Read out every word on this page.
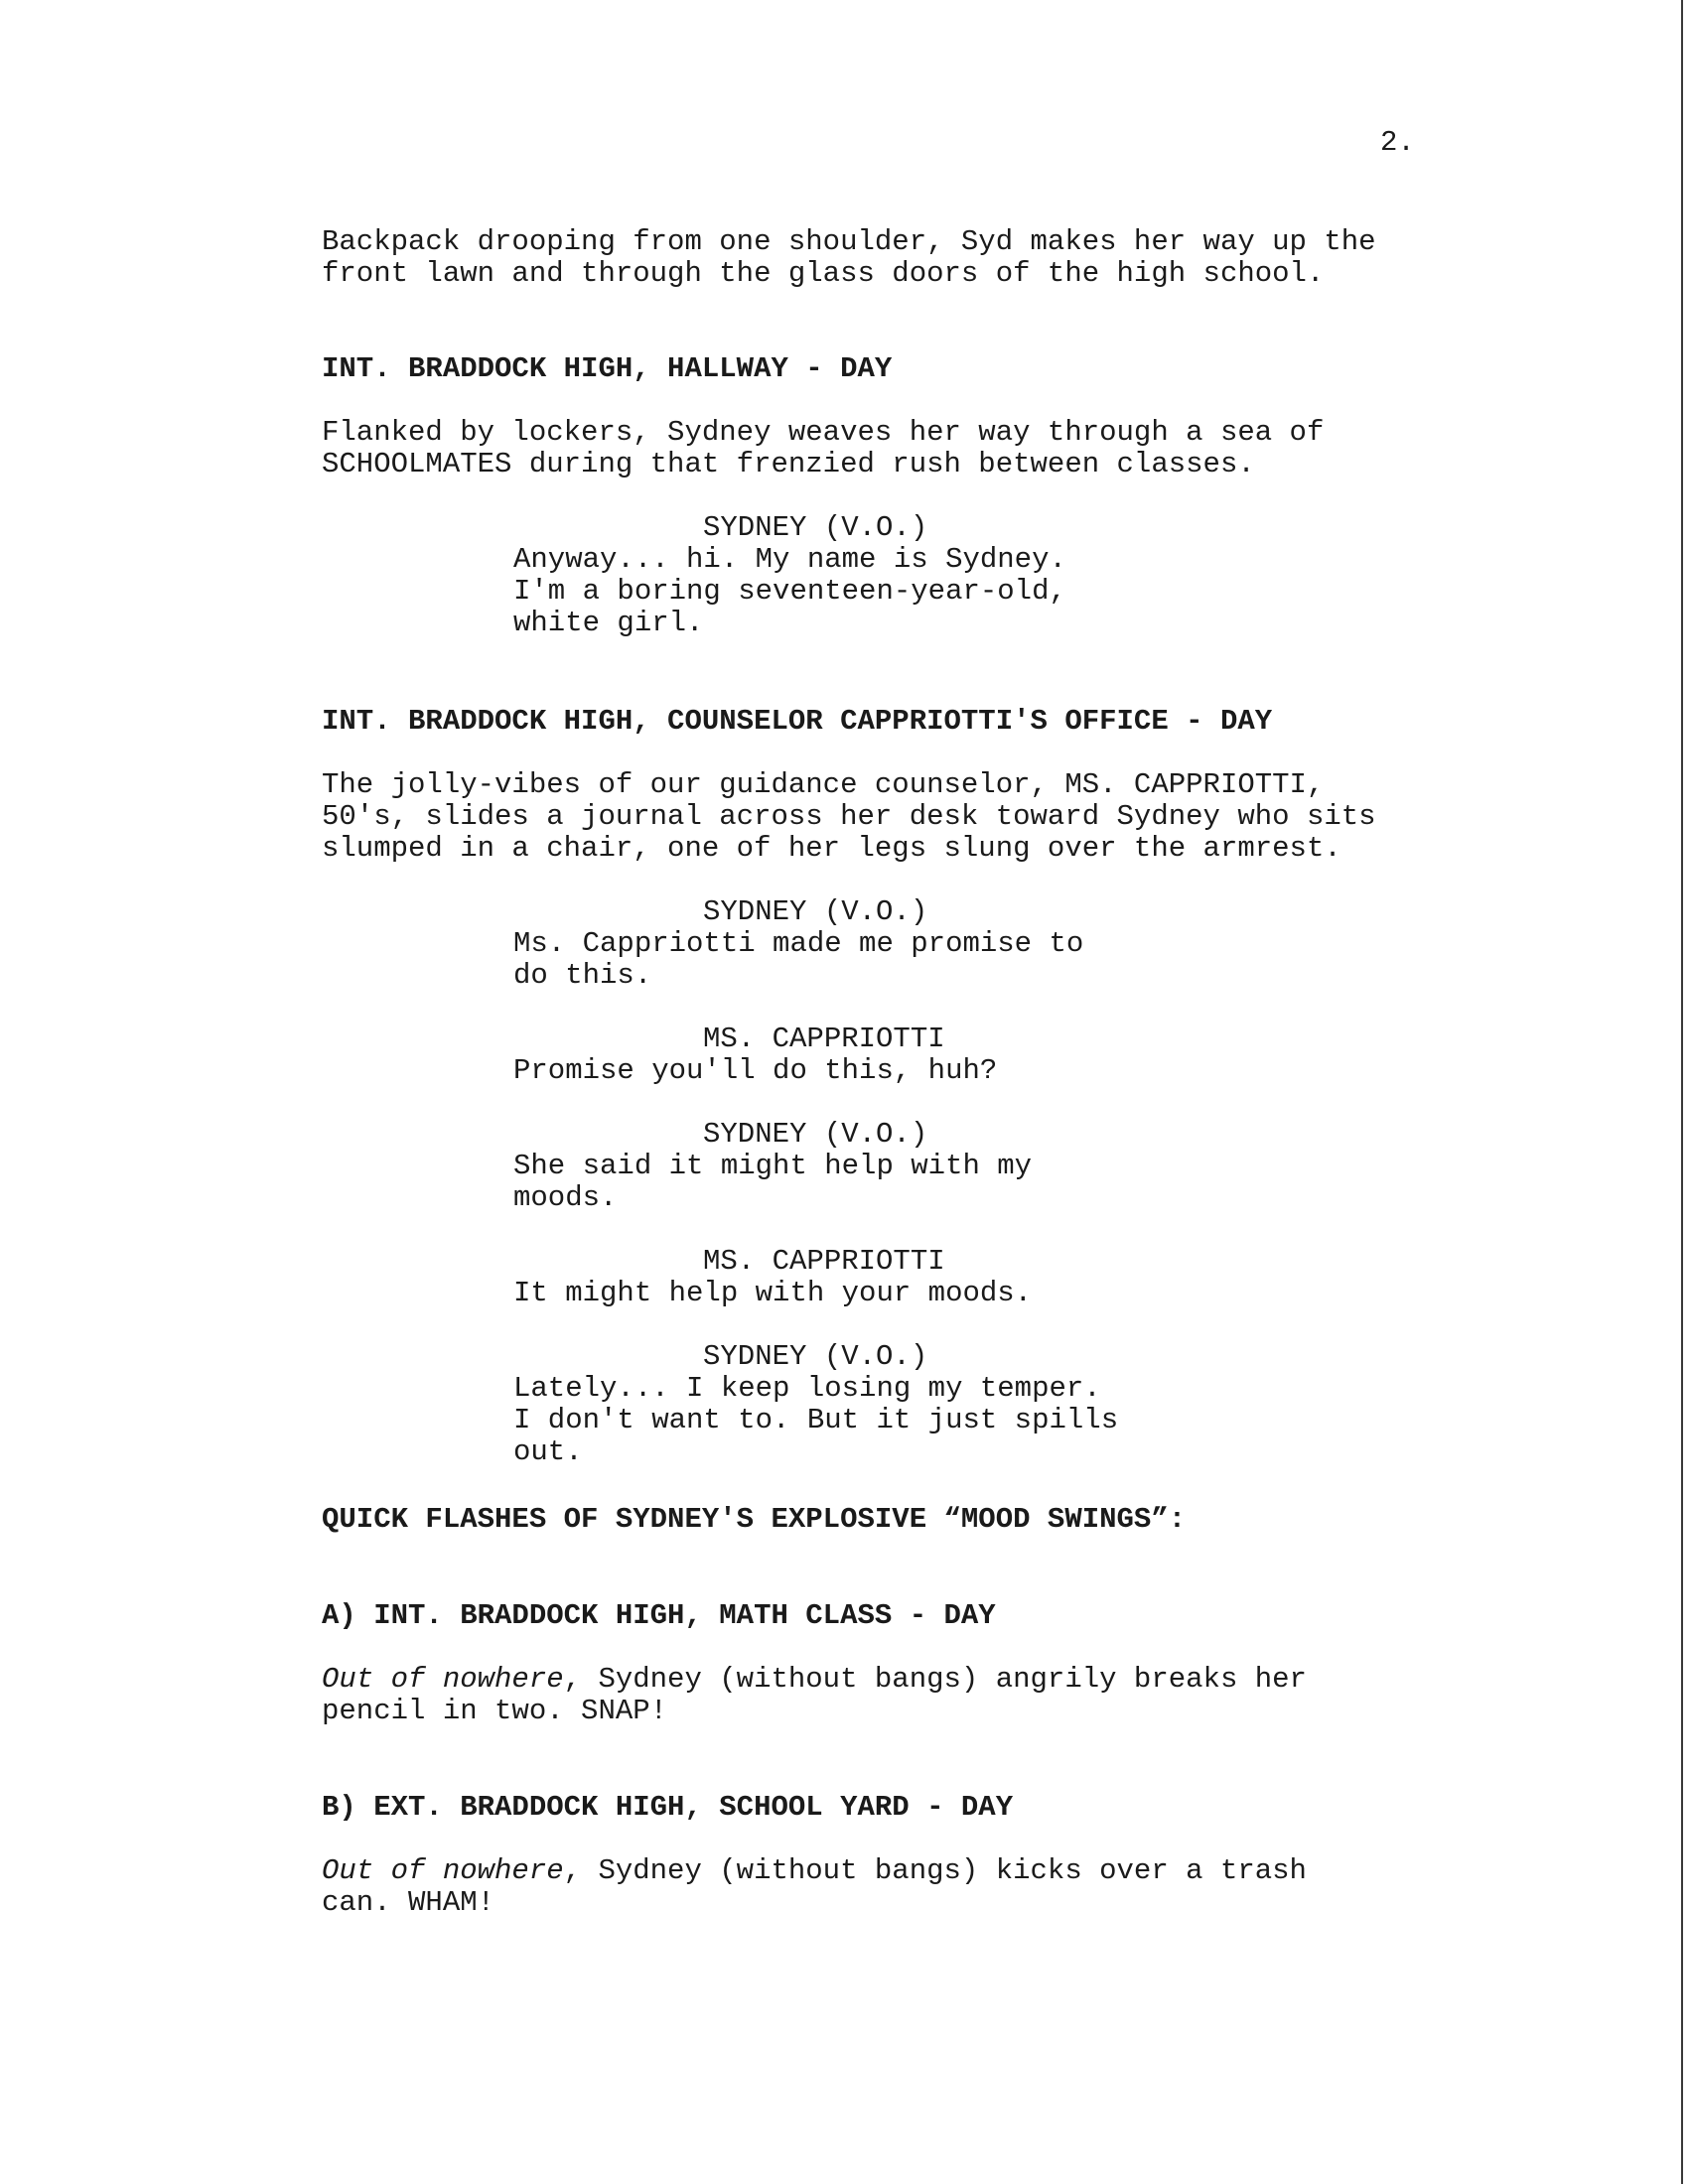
2.
Backpack drooping from one shoulder, Syd makes her way up the
front lawn and through the glass doors of the high school.
INT. BRADDOCK HIGH, HALLWAY - DAY
Flanked by lockers, Sydney weaves her way through a sea of
SCHOOLMATES during that frenzied rush between classes.
SYDNEY (V.O.)
Anyway... hi. My name is Sydney.
I'm a boring seventeen-year-old,
white girl.
INT. BRADDOCK HIGH, COUNSELOR CAPPRIOTTI'S OFFICE - DAY
The jolly-vibes of our guidance counselor, MS. CAPPRIOTTI,
50's, slides a journal across her desk toward Sydney who sits
slumped in a chair, one of her legs slung over the armrest.
SYDNEY (V.O.)
Ms. Cappriotti made me promise to
do this.
MS. CAPPRIOTTI
Promise you'll do this, huh?
SYDNEY (V.O.)
She said it might help with my
moods.
MS. CAPPRIOTTI
It might help with your moods.
SYDNEY (V.O.)
Lately... I keep losing my temper.
I don't want to. But it just spills
out.
QUICK FLASHES OF SYDNEY'S EXPLOSIVE “MOOD SWINGS”:
A) INT. BRADDOCK HIGH, MATH CLASS - DAY
Out of nowhere, Sydney (without bangs) angrily breaks her
pencil in two. SNAP!
B) EXT. BRADDOCK HIGH, SCHOOL YARD - DAY
Out of nowhere, Sydney (without bangs) kicks over a trash
can. WHAM!
